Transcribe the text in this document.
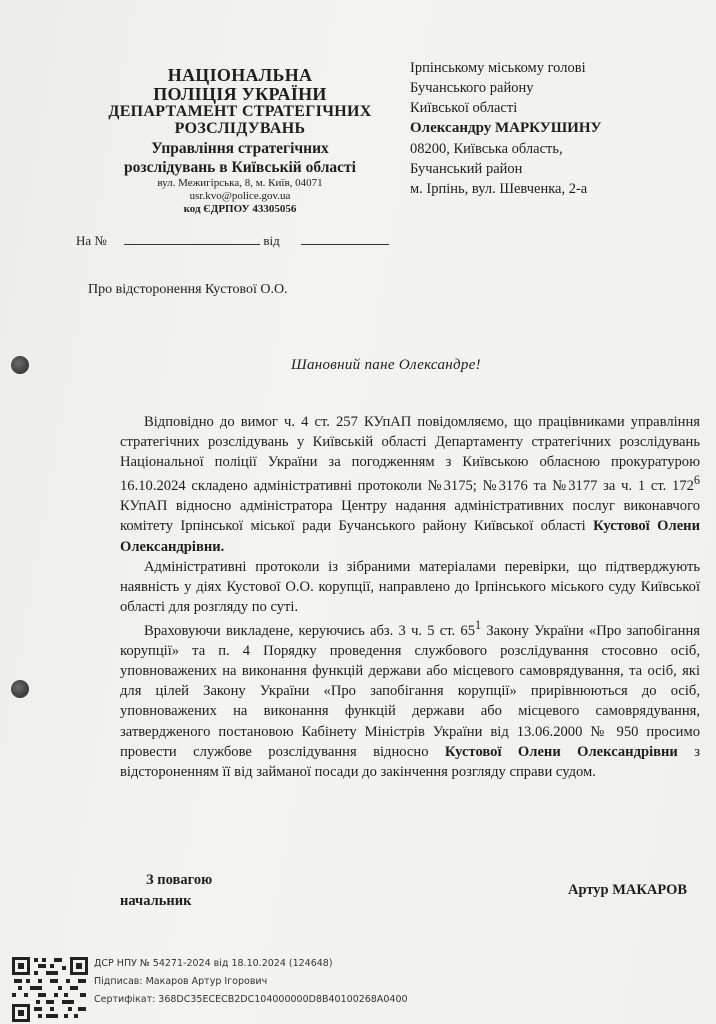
НАЦІОНАЛЬНА
ПОЛІЦІЯ УКРАЇНИ
ДЕПАРТАМЕНТ СТРАТЕГІЧНИХ
РОЗСЛІДУВАНЬ
Управління стратегічних
розслідувань в Київській області
вул. Межигірська, 8, м. Київ, 04071
usr.kvo@police.gov.ua
код ЄДРПОУ 43305056
На №	від
Ірпінському міському голові
Бучанського району
Київської області
Олександру МАРКУШИНУ
08200, Київська область,
Бучанський район
м. Ірпінь, вул. Шевченка, 2-а
Про відсторонення Кустової О.О.
Шановний пане Олександре!

Відповідно до вимог ч. 4 ст. 257 КУпАП повідомляємо, що працівниками управління стратегічних розслідувань у Київській області Департаменту стратегічних розслідувань Національної поліції України за погодженням з Київською обласною прокуратурою 16.10.2024 складено адміністративні протоколи №3175; №3176 та №3177 за ч. 1 ст. $172^6$ КУпАП відносно адміністратора Центру надання адміністративних послуг виконавчого комітету Ірпінської міської ради Бучанського району Київської області Кустової Олени Олександрівни.

Адміністративні протоколи із зібраними матеріалами перевірки, що підтверджують наявність у діях Кустової О.О. корупції, направлено до Ірпінського міського суду Київської області для розгляду по суті.

Враховуючи викладене, керуючись абз. 3 ч. 5 ст. $65^1$ Закону України «Про запобігання корупції» та п. 4 Порядку проведення службового розслідування стосовно осіб, уповноважених на виконання функцій держави або місцевого самоврядування, та осіб, які для цілей Закону України «Про запобігання корупції» прирівнюються до осіб, уповноважених на виконання функцій держави або місцевого самоврядування, затвердженого постановою Кабінету Міністрів України від 13.06.2000 № 950 просимо провести службове розслідування відносно Кустової Олени Олександрівни з відстороненням її від займаної посади до закінчення розгляду справи судом.

З повагою
начальник
Артур МАКАРОВ
ДСР НПУ № 54271-2024 від 18.10.2024 (124648)
Підписав: Макаров Артур Ігорович
Сертифікат: 368DC35ECECB2DC104000000D8B40100268A0400
